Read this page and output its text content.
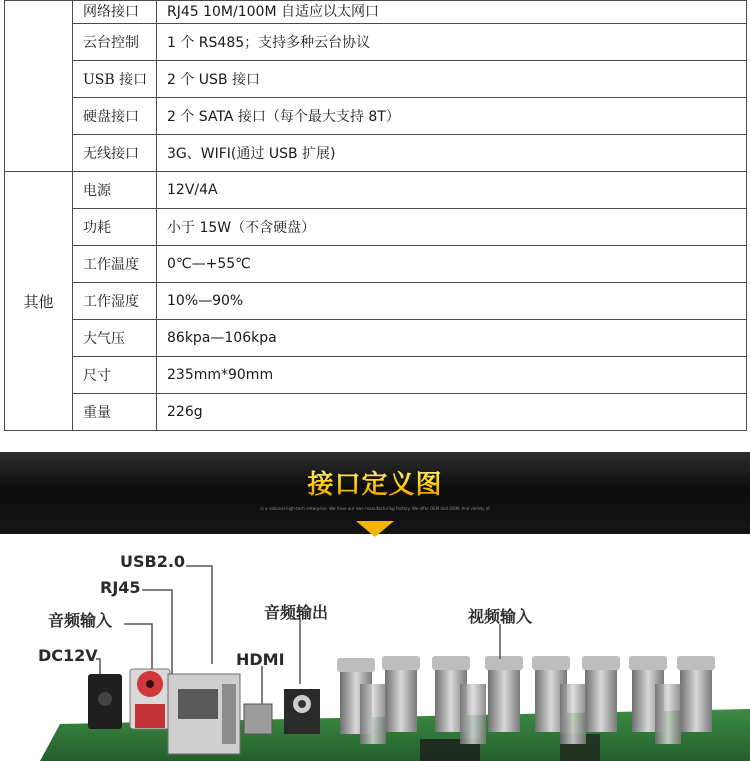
	网络接口	RJ45 10M/100M 自适应以太网口
	云台控制	1 个 RS485；支持多种云台协议
	USB 接口	2 个 USB 接口
	硬盘接口	2 个 SATA 接口（每个最大支持 8T）
	无线接口	3G、WIFI(通过 USB 扩展)
其他	电源	12V/4A
	功耗	小于 15W（不含硬盘）
	工作温度	0℃—+55℃
	工作湿度	10%—90%
	大气压	86kpa—106kpa
	尺寸	235mm*90mm
	重量	226g
接口定义图
is a national high-tech enterprise. We have our own manufacturing factory. We offer OEM and ODM. And variety of
USB2.0
RJ45
音频输入
DC12V
音频输出
HDMI
视频输入
